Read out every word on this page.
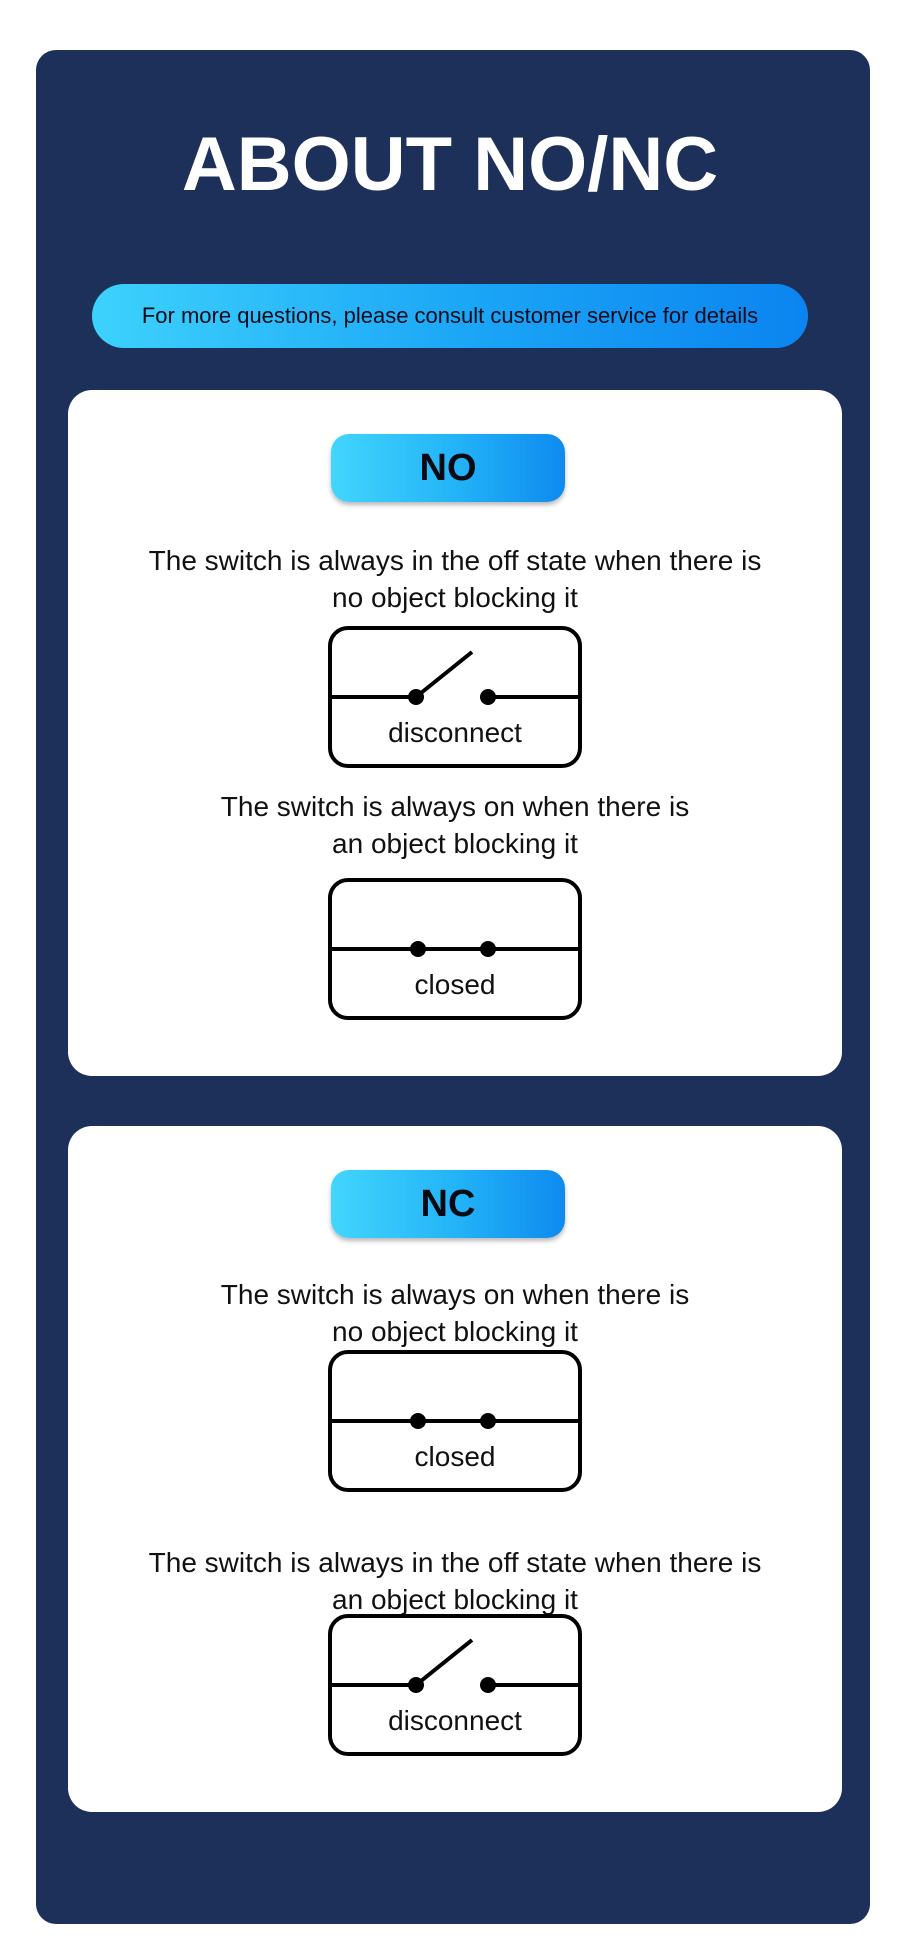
ABOUT NO/NC
For more questions, please consult customer service for details
NO
The switch is always in the off state when there is
no object blocking it
disconnect
The switch is always on when there is
an object blocking it
closed
NC
The switch is always on when there is
no object blocking it
closed
The switch is always in the off state when there is
an object blocking it
disconnect
